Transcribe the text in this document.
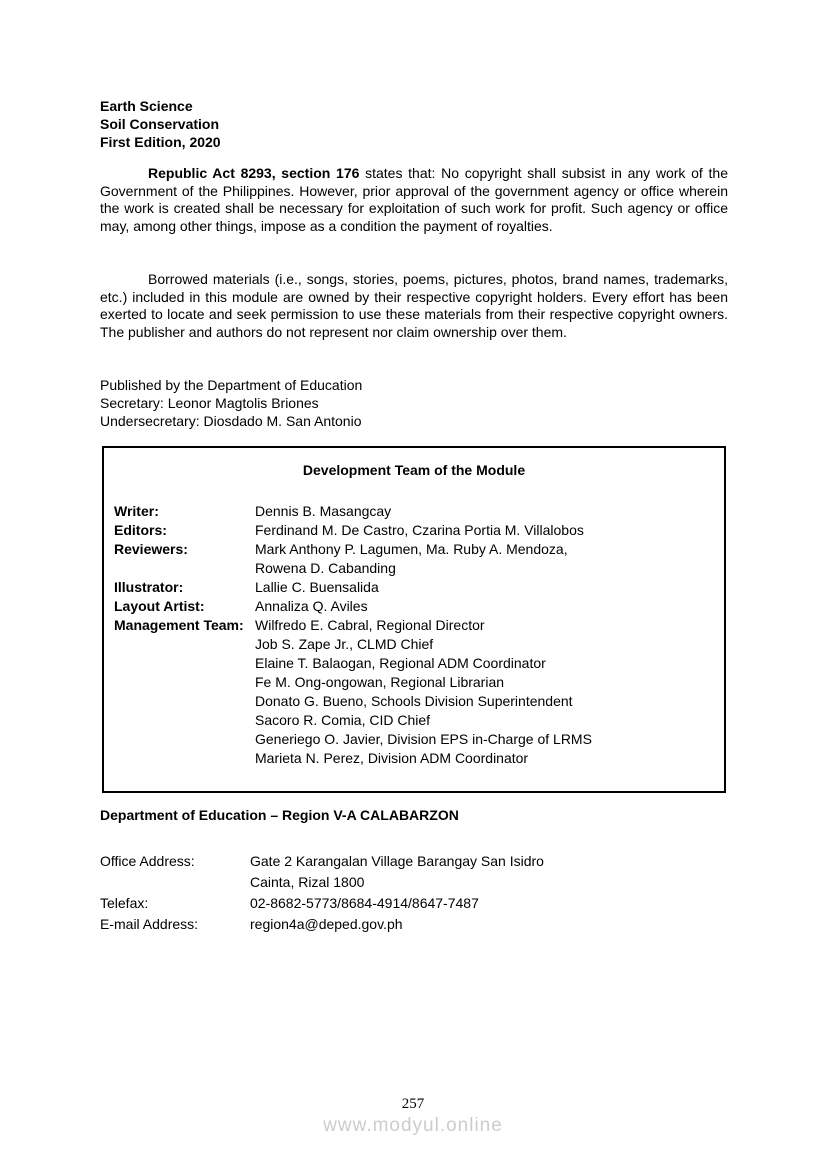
Earth Science
Soil Conservation
First Edition, 2020

Republic Act 8293, section 176 states that: No copyright shall subsist in any work of the Government of the Philippines. However, prior approval of the government agency or office wherein the work is created shall be necessary for exploitation of such work for profit. Such agency or office may, among other things, impose as a condition the payment of royalties.

Borrowed materials (i.e., songs, stories, poems, pictures, photos, brand names, trademarks, etc.) included in this module are owned by their respective copyright holders. Every effort has been exerted to locate and seek permission to use these materials from their respective copyright owners. The publisher and authors do not represent nor claim ownership over them.

Published by the Department of Education
Secretary: Leonor Magtolis Briones
Undersecretary: Diosdado M. San Antonio
Development Team of the Module
Writer:	Dennis B. Masangcay
Editors:	Ferdinand M. De Castro, Czarina Portia M. Villalobos
Reviewers:	Mark Anthony P. Lagumen, Ma. Ruby A. Mendoza,
Rowena D. Cabanding
Illustrator:	Lallie C. Buensalida
Layout Artist:	Annaliza Q. Aviles
Management Team: Wilfredo E. Cabral, Regional Director
Job S. Zape Jr., CLMD Chief
Elaine T. Balaogan, Regional ADM Coordinator
Fe M. Ong-ongowan, Regional Librarian
Donato G. Bueno, Schools Division Superintendent
Sacoro R. Comia, CID Chief
Generiego O. Javier, Division EPS in-Charge of LRMS
Marieta N. Perez, Division ADM Coordinator
Department of Education – Region V-A CALABARZON
Office Address:	Gate 2 Karangalan Village Barangay San Isidro
Cainta, Rizal 1800
Telefax:	02-8682-5773/8684-4914/8647-7487
E-mail Address:	region4a@deped.gov.ph
257
www.modyul.online
